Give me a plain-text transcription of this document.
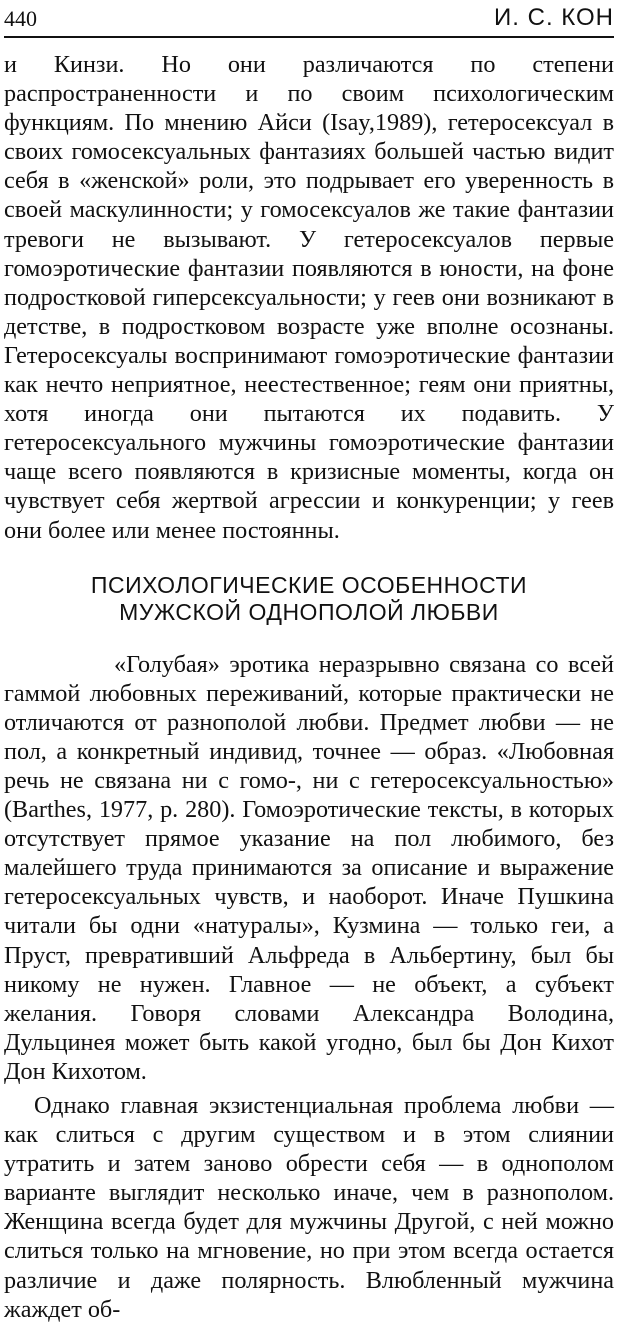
440	И. С. КОН

и Кинзи. Но они различаются по степени распространенности и по своим психологическим функциям. По мнению Айси (Isay,1989), гетеросексуал в своих гомосексуальных фантазиях большей частью видит себя в «женской» роли, это подрывает его уверенность в своей маскулинности; у гомосексуалов же такие фантазии тревоги не вызывают. У гетеросексуалов первые гомоэротические фантазии появляются в юности, на фоне подростковой гиперсексуальности; у геев они возникают в детстве, в подростковом возрасте уже вполне осознаны. Гетеросексуалы воспринимают гомоэротические фантазии как нечто неприятное, неестественное; геям они приятны, хотя иногда они пытаются их подавить. У гетеросексуального мужчины гомоэротические фантазии чаще всего появляются в кризисные моменты, когда он чувствует себя жертвой агрессии и конкуренции; у геев они более или менее постоянны.

ПСИХОЛОГИЧЕСКИЕ ОСОБЕННОСТИ
МУЖСКОЙ ОДНОПОЛОЙ ЛЮБВИ

«Голубая» эротика неразрывно связана со всей гаммой любовных переживаний, которые практически не отличаются от разнополой любви. Предмет любви — не пол, а конкретный индивид, точнее — образ. «Любовная речь не связана ни с гомо-, ни с гетеросексуальностью» (Barthes, 1977, p. 280). Гомоэротические тексты, в которых отсутствует прямое указание на пол любимого, без малейшего труда принимаются за описание и выражение гетеросексуальных чувств, и наоборот. Иначе Пушкина читали бы одни «натуралы», Кузмина — только геи, а Пруст, превративший Альфреда в Альбертину, был бы никому не нужен. Главное — не объект, а субъект желания. Говоря словами Александра Володина, Дульцинея может быть какой угодно, был бы Дон Кихот Дон Кихотом.

Однако главная экзистенциальная проблема любви — как слиться с другим существом и в этом слиянии утратить и затем заново обрести себя — в однополом варианте выглядит несколько иначе, чем в разнополом. Женщина всегда будет для мужчины Другой, с ней можно слиться только на мгновение, но при этом всегда остается различие и даже полярность. Влюбленный мужчина жаждет об-
